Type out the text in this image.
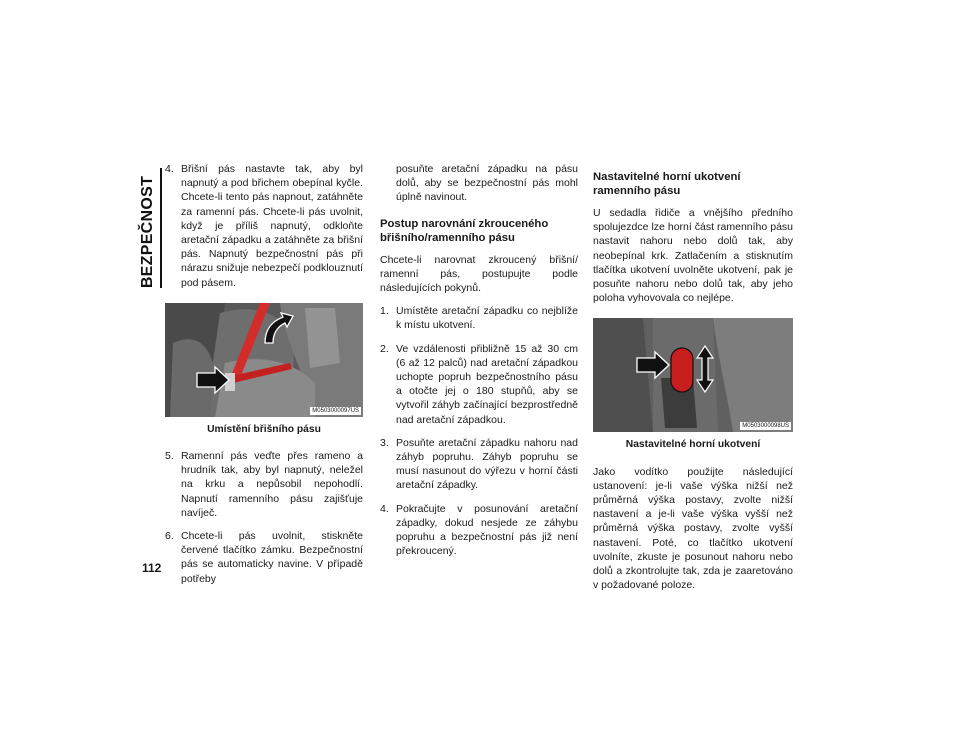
BEZPEČNOST
112
4. Břišní pás nastavte tak, aby byl napnutý a pod břichem obepínal kyčle. Chcete-li tento pás napnout, zatáhněte za ramenní pás. Chcete-li pás uvolnit, když je příliš napnutý, odkloňte aretační západku a zatáhněte za břišní pás. Napnutý bezpečnostní pás při nárazu snižuje nebezpečí podklouznutí pod pásem.
M0503000097US
Umístění břišního pásu
5. Ramenní pás veďte přes rameno a hrudník tak, aby byl napnutý, neležel na krku a nepůsobil nepohodlí. Napnutí ramenního pásu zajišťuje navíječ.
6. Chcete-li pás uvolnit, stiskněte červené tlačítko zámku. Bezpečnostní pás se automaticky navine. V případě potřeby

posuňte aretační západku na pásu dolů, aby se bezpečnostní pás mohl úplně navinout.

Postup narovnání zkrouceného břišního/ramenního pásu

Chcete-li narovnat zkroucený břišní/ ramenní pás, postupujte podle následujících pokynů.

1. Umístěte aretační západku co nejblíže k místu ukotvení.
2. Ve vzdálenosti přibližně 15 až 30 cm (6 až 12 palců) nad aretační západkou uchopte popruh bezpečnostního pásu a otočte jej o 180 stupňů, aby se vytvořil záhyb začínající bezprostředně nad aretační západkou.
3. Posuňte aretační západku nahoru nad záhyb popruhu. Záhyb popruhu se musí nasunout do výřezu v horní části aretační západky.
4. Pokračujte v posunování aretační západky, dokud nesjede ze záhybu popruhu a bezpečnostní pás již není překroucený.
Nastavitelné horní ukotvení ramenního pásu

U sedadla řidiče a vnějšího předního spolujezdce lze horní část ramenního pásu nastavit nahoru nebo dolů tak, aby neobepínal krk. Zatlačením a stisknutím tlačítka ukotvení uvolněte ukotvení, pak je posuňte nahoru nebo dolů tak, aby jeho poloha vyhovovala co nejlépe.

M0503000098US
Nastavitelné horní ukotvení

Jako vodítko použijte následující ustanovení: je-li vaše výška nižší než průměrná výška postavy, zvolte nižší nastavení a je-li vaše výška vyšší než průměrná výška postavy, zvolte vyšší nastavení. Poté, co tlačítko ukotvení uvolníte, zkuste je posunout nahoru nebo dolů a zkontrolujte tak, zda je zaaretováno v požadované poloze.
